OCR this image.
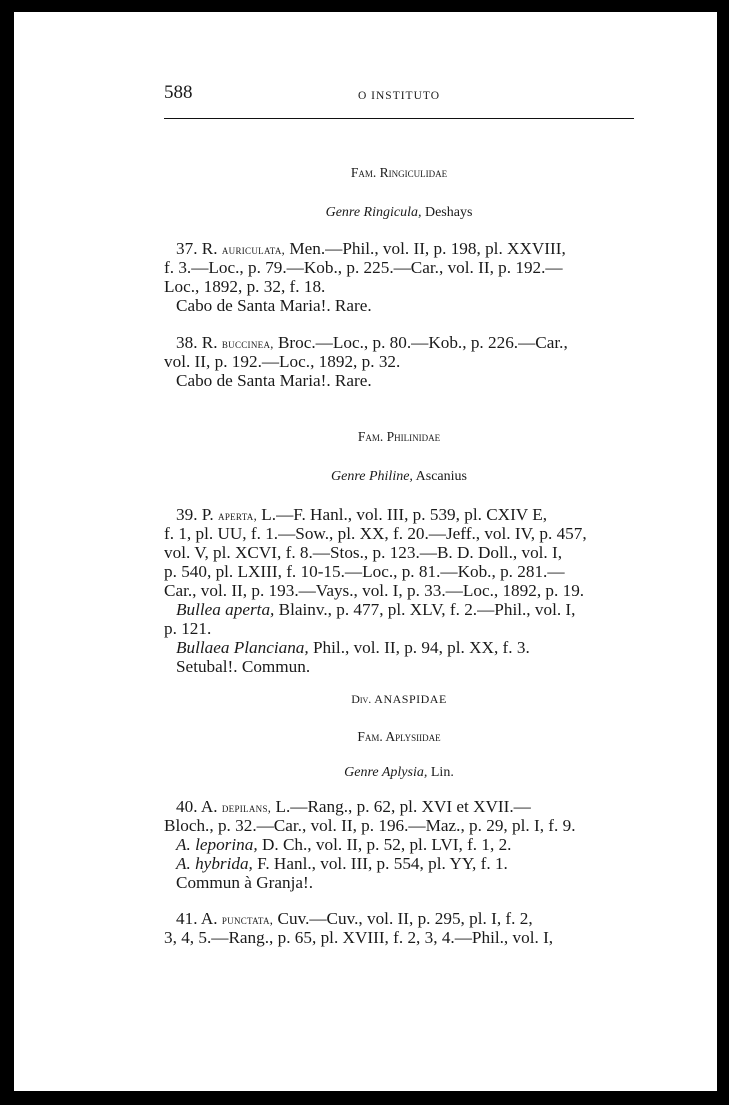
588	O INSTITUTO
Fam. Ringiculidae
Genre Ringicula, Deshays
37. R. auriculata, Men.—Phil., vol. II, p. 198, pl. XXVIII,
f. 3.—Loc., p. 79.—Kob., p. 225.—Car., vol. II, p. 192.—
Loc., 1892, p. 32, f. 18.
Cabo de Santa Maria!. Rare.
38. R. buccinea, Broc.—Loc., p. 80.—Kob., p. 226.—Car.,
vol. II, p. 192.—Loc., 1892, p. 32.
Cabo de Santa Maria!. Rare.
Fam. Philinidae
Genre Philine, Ascanius
39. P. aperta, L.—F. Hanl., vol. III, p. 539, pl. CXIV E,
f. 1, pl. UU, f. 1.—Sow., pl. XX, f. 20.—Jeff., vol. IV, p. 457,
vol. V, pl. XCVI, f. 8.—Stos., p. 123.—B. D. Doll., vol. I,
p. 540, pl. LXIII, f. 10-15.—Loc., p. 81.—Kob., p. 281.—
Car., vol. II, p. 193.—Vays., vol. I, p. 33.—Loc., 1892, p. 19.
Bullea aperta, Blainv., p. 477, pl. XLV, f. 2.—Phil., vol. I,
p. 121.
Bullaea Planciana, Phil., vol. II, p. 94, pl. XX, f. 3.
Setubal!. Commun.
Div. ANASPIDAE
Fam. Aplysiidae
Genre Aplysia, Lin.
40. A. depilans, L.—Rang., p. 62, pl. XVI et XVII.—
Bloch., p. 32.—Car., vol. II, p. 196.—Maz., p. 29, pl. I, f. 9.
A. leporina, D. Ch., vol. II, p. 52, pl. LVI, f. 1, 2.
A. hybrida, F. Hanl., vol. III, p. 554, pl. YY, f. 1.
Commun à Granja!.
41. A. punctata, Cuv.—Cuv., vol. II, p. 295, pl. I, f. 2,
3, 4, 5.—Rang., p. 65, pl. XVIII, f. 2, 3, 4.—Phil., vol. I,
